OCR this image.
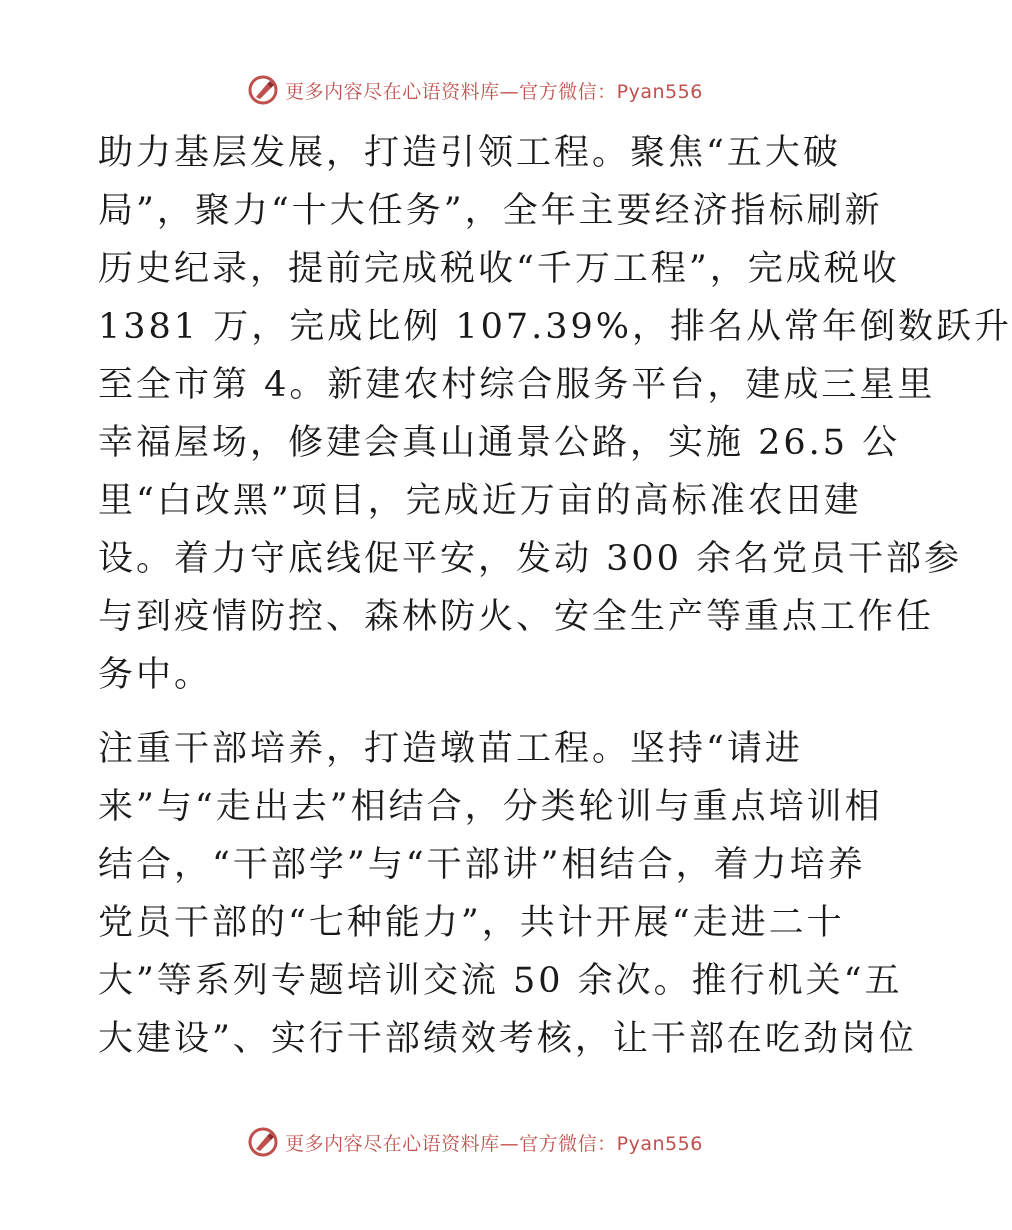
更多内容尽在心语资料库—官方微信：Pyan556
助力基层发展，打造引领工程。聚焦“五大破
局”，聚力“十大任务”，全年主要经济指标刷新
历史纪录，提前完成税收“千万工程”，完成税收
1381 万，完成比例 107.39%，排名从常年倒数跃升
至全市第 4。新建农村综合服务平台，建成三星里
幸福屋场，修建会真山通景公路，实施 26.5 公
里“白改黑”项目，完成近万亩的高标准农田建
设。着力守底线促平安，发动 300 余名党员干部参
与到疫情防控、森林防火、安全生产等重点工作任
务中。
注重干部培养，打造墩苗工程。坚持“请进
来”与“走出去”相结合，分类轮训与重点培训相
结合，“干部学”与“干部讲”相结合，着力培养
党员干部的“七种能力”，共计开展“走进二十
大”等系列专题培训交流 50 余次。推行机关“五
大建设”、实行干部绩效考核，让干部在吃劲岗位
更多内容尽在心语资料库—官方微信：Pyan556
